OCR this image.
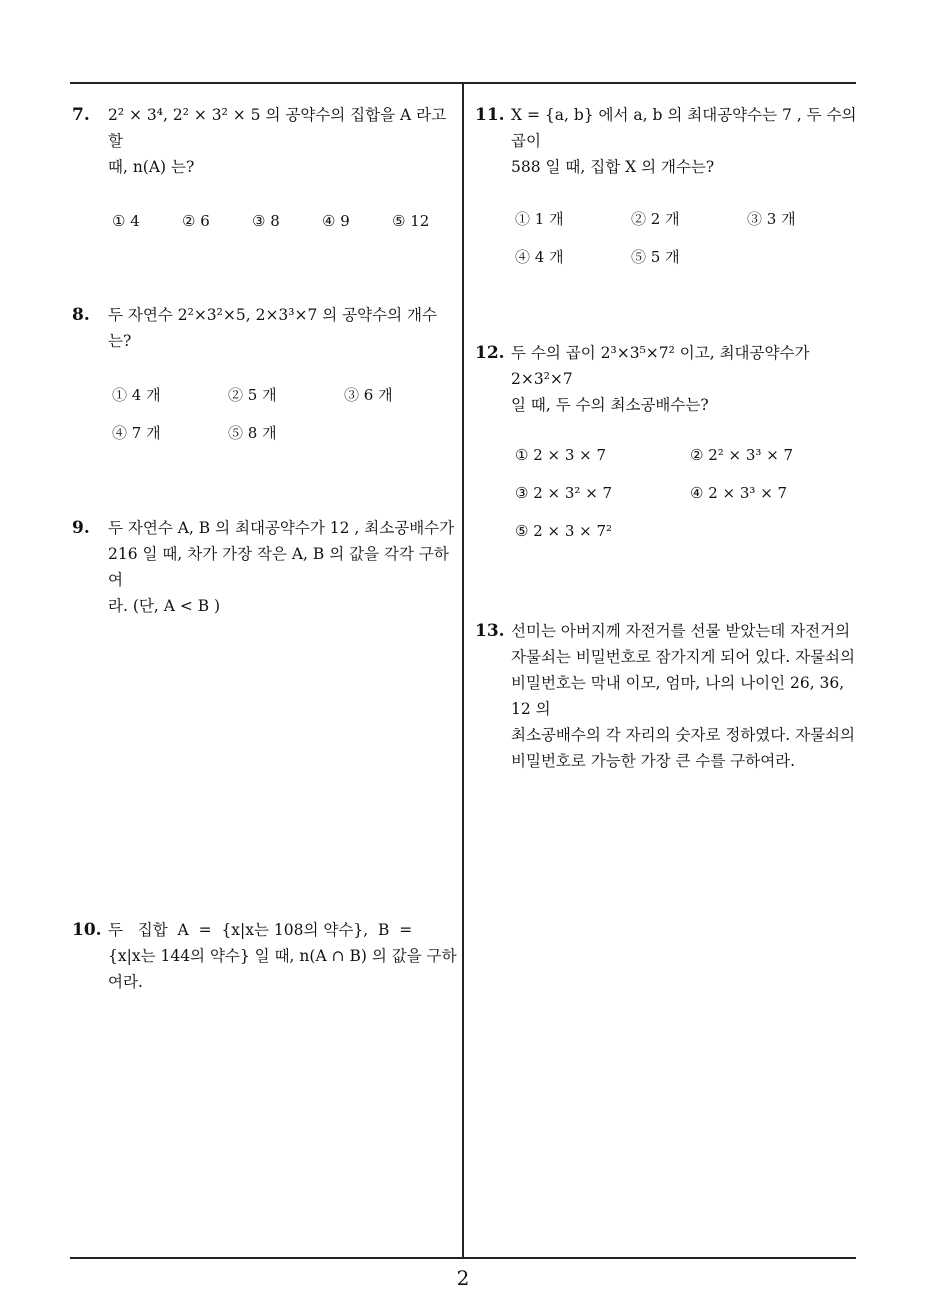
7. 2² × 3⁴, 2² × 3² × 5 의 공약수의 집합을 A 라고 할

때, n(A) 는?

① 4	② 6	③ 8	④ 9	⑤ 12
8. 두 자연수 2²×3²×5, 2×3³×7 의 공약수의 개수는?

① 4 개	② 5 개	③ 6 개
④ 7 개	⑤ 8 개
9. 두 자연수 A, B 의 최대공약수가 12 , 최소공배수가

216 일 때, 차가 가장 작은 A, B 의 값을 각각 구하여

라. (단, A < B )

10. 두   집합  A  =  {x|x는 108의 약수},  B  =

{x|x는 144의 약수} 일 때, n(A ∩ B) 의 값을 구하

여라.

11. X = {a, b} 에서 a, b 의 최대공약수는 7 , 두 수의 곱이

588 일 때, 집합 X 의 개수는?

① 1 개	② 2 개	③ 3 개
④ 4 개	⑤ 5 개
12. 두 수의 곱이 2³×3⁵×7² 이고, 최대공약수가 2×3²×7

일 때, 두 수의 최소공배수는?

① 2 × 3 × 7	② 2² × 3³ × 7
③ 2 × 3² × 7	④ 2 × 3³ × 7
⑤ 2 × 3 × 7²
13. 선미는 아버지께 자전거를 선물 받았는데 자전거의

자물쇠는 비밀번호로 잠가지게 되어 있다. 자물쇠의

비밀번호는 막내 이모, 엄마, 나의 나이인 26, 36, 12 의

최소공배수의 각 자리의 숫자로 정하였다. 자물쇠의

비밀번호로 가능한 가장 큰 수를 구하여라.

2
